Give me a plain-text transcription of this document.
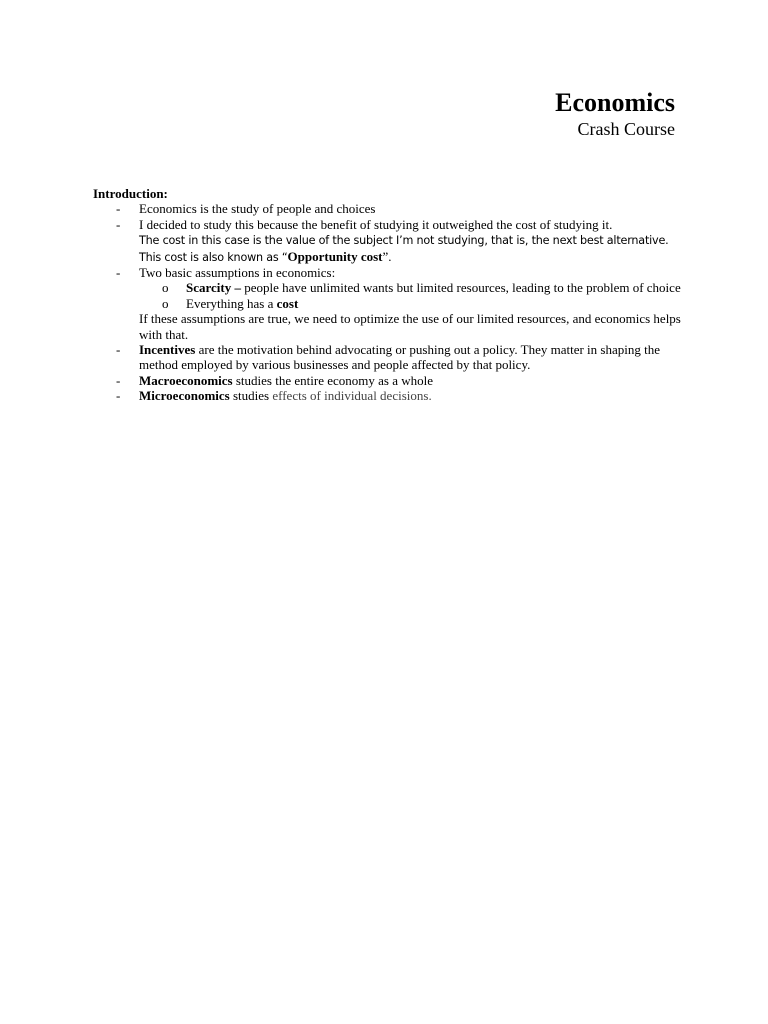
Economics
Crash Course
Introduction:
- Economics is the study of people and choices
- I decided to study this because the benefit of studying it outweighed the cost of studying it.
The cost in this case is the value of the subject I’m not studying, that is, the next best alternative. This cost is also known as “Opportunity cost”.
- Two basic assumptions in economics:
o Scarcity – people have unlimited wants but limited resources, leading to the problem of choice
o Everything has a cost
If these assumptions are true, we need to optimize the use of our limited resources, and economics helps with that.
- Incentives are the motivation behind advocating or pushing out a policy. They matter in shaping the method employed by various businesses and people affected by that policy.
- Macroeconomics studies the entire economy as a whole
- Microeconomics studies effects of individual decisions.
